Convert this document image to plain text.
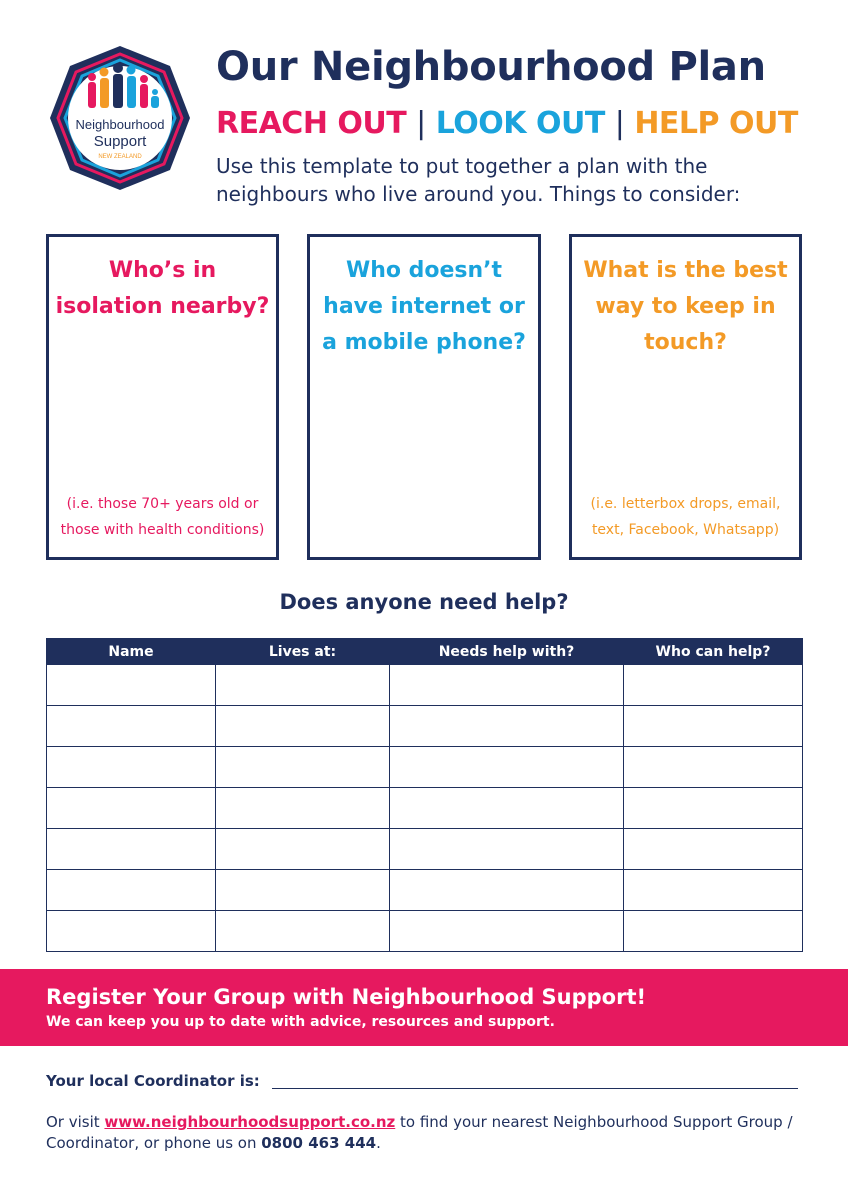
Neighbourhood
Support
NEW ZEALAND
Our Neighbourhood Plan
REACH OUT | LOOK OUT | HELP OUT
Use this template to put together a plan with the neighbours who live around you. Things to consider:
Who’s in isolation nearby?
(i.e. those 70+ years old or those with health conditions)
Who doesn’t have internet or a mobile phone?
What is the best way to keep in touch?
(i.e. letterbox drops, email, text, Facebook, Whatsapp)
Does anyone need help?
Name	Lives at:	Needs help with?	Who can help?

Register Your Group with Neighbourhood Support!
We can keep you up to date with advice, resources and support.
Your local Coordinator is:
Or visit www.neighbourhoodsupport.co.nz to find your nearest Neighbourhood Support Group / Coordinator, or phone us on 0800 463 444.
